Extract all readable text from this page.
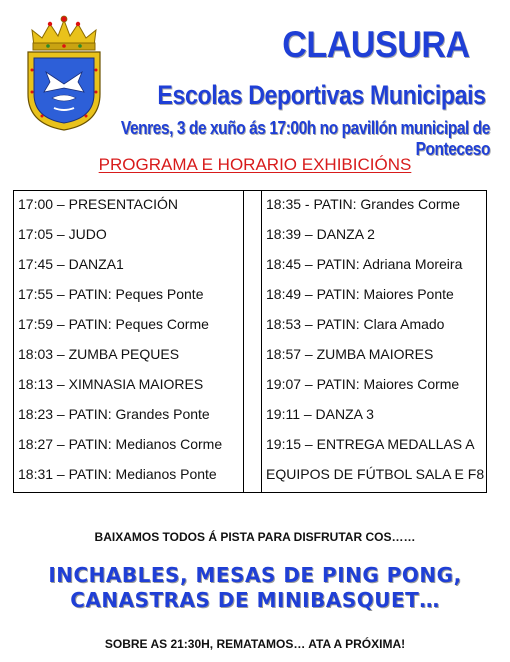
CLAUSURA
Escolas Deportivas Municipais
Venres, 3 de xuño ás 17:00h no pavillón municipal de Ponteceso
PROGRAMA E HORARIO EXHIBICIÓNS
17:00 – PRESENTACIÓN
17:05 – JUDO
17:45 – DANZA1
17:55 – PATIN: Peques Ponte
17:59 – PATIN: Peques Corme
18:03 – ZUMBA PEQUES
18:13 – XIMNASIA MAIORES
18:23 – PATIN: Grandes Ponte
18:27 – PATIN: Medianos Corme
18:31 – PATIN: Medianos Ponte
18:35 - PATIN: Grandes Corme
18:39 – DANZA 2
18:45 – PATIN: Adriana Moreira
18:49 – PATIN: Maiores Ponte
18:53 – PATIN: Clara Amado
18:57 – ZUMBA MAIORES
19:07 – PATIN: Maiores Corme
19:11 – DANZA 3
19:15 – ENTREGA MEDALLAS A
EQUIPOS DE FÚTBOL SALA E F8
BAIXAMOS TODOS Á PISTA PARA DISFRUTAR COS……
INCHABLES, MESAS DE PING PONG,
CANASTRAS DE MINIBASQUET…
SOBRE AS 21:30H, REMATAMOS… ATA A PRÓXIMA!
